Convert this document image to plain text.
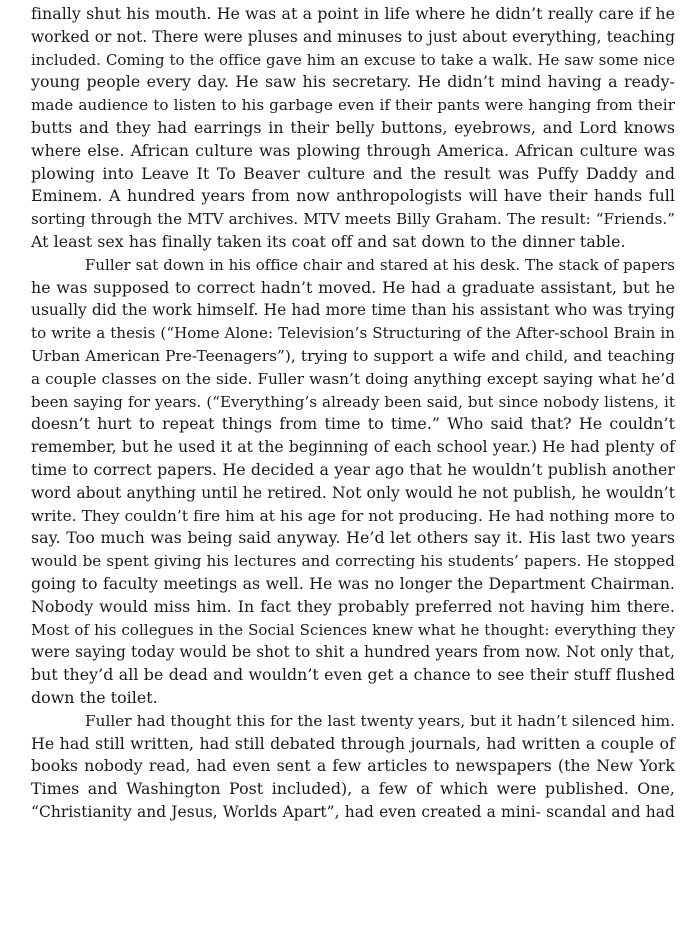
finally shut his mouth. He was at a point in life where he didn’t really care if he
worked or not. There were pluses and minuses to just about everything, teaching
included. Coming to the office gave him an excuse to take a walk. He saw some nice
young people every day. He saw his secretary. He didn’t mind having a ready-
made audience to listen to his garbage even if their pants were hanging from their
butts and they had earrings in their belly buttons, eyebrows, and Lord knows
where else. African culture was plowing through America. African culture was
plowing into Leave It To Beaver culture and the result was Puffy Daddy and
Eminem. A hundred years from now anthropologists will have their hands full
sorting through the MTV archives. MTV meets Billy Graham. The result: “Friends.”
At least sex has finally taken its coat off and sat down to the dinner table.

Fuller sat down in his office chair and stared at his desk. The stack of papers
he was supposed to correct hadn’t moved. He had a graduate assistant, but he
usually did the work himself. He had more time than his assistant who was trying
to write a thesis (“Home Alone: Television’s Structuring of the After-school Brain in
Urban American Pre-Teenagers”), trying to support a wife and child, and teaching
a couple classes on the side. Fuller wasn’t doing anything except saying what he’d
been saying for years. (“Everything’s already been said, but since nobody listens, it
doesn’t hurt to repeat things from time to time.” Who said that? He couldn’t
remember, but he used it at the beginning of each school year.) He had plenty of
time to correct papers. He decided a year ago that he wouldn’t publish another
word about anything until he retired. Not only would he not publish, he wouldn’t
write. They couldn’t fire him at his age for not producing. He had nothing more to
say. Too much was being said anyway. He’d let others say it. His last two years
would be spent giving his lectures and correcting his students’ papers. He stopped
going to faculty meetings as well. He was no longer the Department Chairman.
Nobody would miss him. In fact they probably preferred not having him there.
Most of his collegues in the Social Sciences knew what he thought: everything they
were saying today would be shot to shit a hundred years from now. Not only that,
but they’d all be dead and wouldn’t even get a chance to see their stuff flushed
down the toilet.

Fuller had thought this for the last twenty years, but it hadn’t silenced him.
He had still written, had still debated through journals, had written a couple of
books nobody read, had even sent a few articles to newspapers (the New York
Times and Washington Post included), a few of which were published. One,
“Christianity and Jesus, Worlds Apart”, had even created a mini- scandal and had
